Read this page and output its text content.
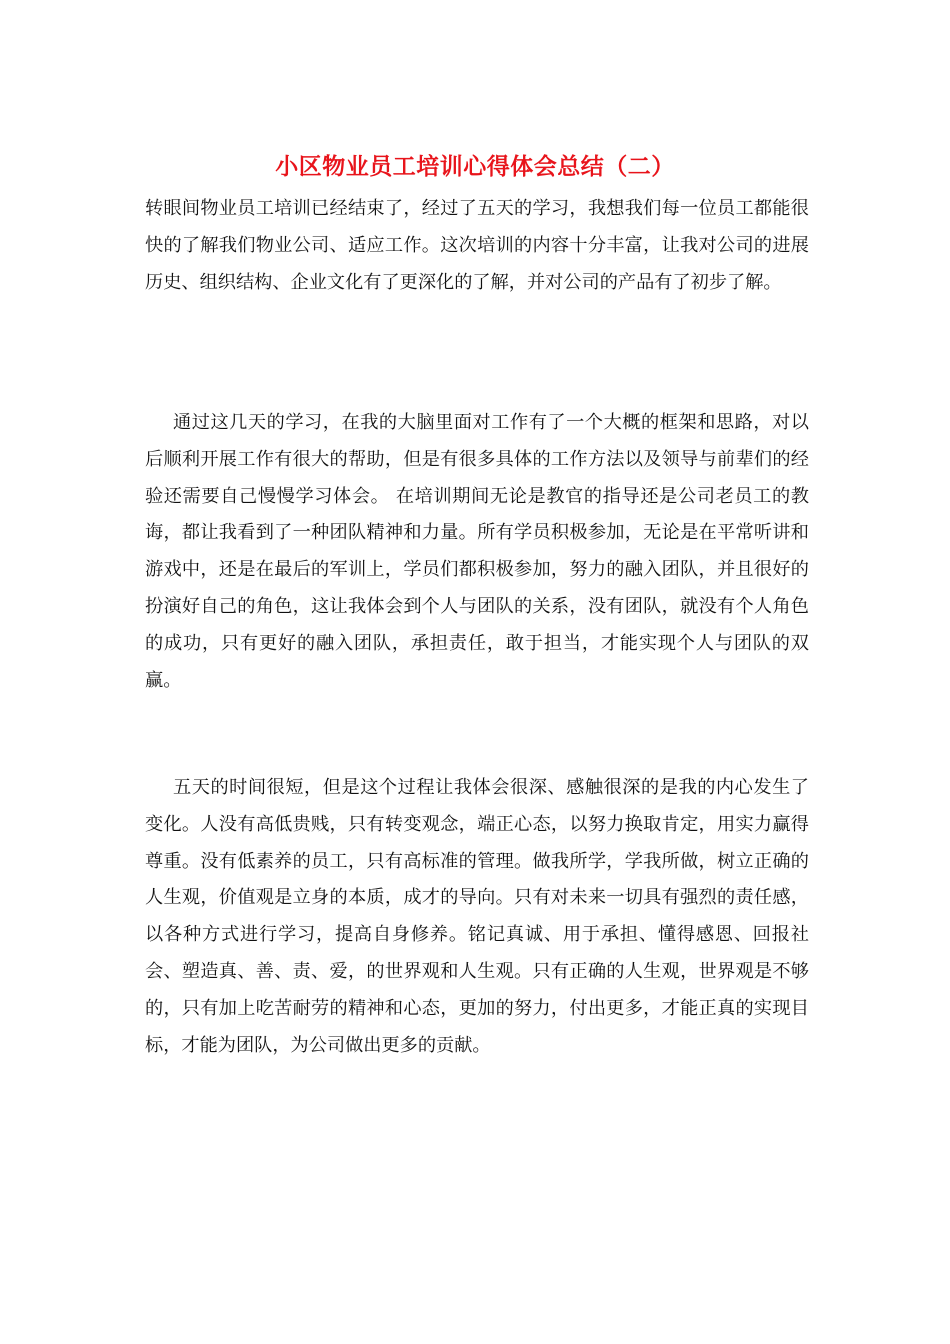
小区物业员工培训心得体会总结（二）

转眼间物业员工培训已经结束了，经过了五天的学习，我想我们每一位员工都能很快的了解我们物业公司、适应工作。这次培训的内容十分丰富，让我对公司的进展历史、组织结构、企业文化有了更深化的了解，并对公司的产品有了初步了解。

通过这几天的学习，在我的大脑里面对工作有了一个大概的框架和思路，对以后顺利开展工作有很大的帮助，但是有很多具体的工作方法以及领导与前辈们的经验还需要自己慢慢学习体会。 在培训期间无论是教官的指导还是公司老员工的教诲，都让我看到了一种团队精神和力量。所有学员积极参加，无论是在平常听讲和游戏中，还是在最后的军训上，学员们都积极参加，努力的融入团队，并且很好的扮演好自己的角色，这让我体会到个人与团队的关系，没有团队，就没有个人角色的成功，只有更好的融入团队，承担责任，敢于担当，才能实现个人与团队的双赢。

五天的时间很短，但是这个过程让我体会很深、感触很深的是我的内心发生了变化。人没有高低贵贱，只有转变观念，端正心态，以努力换取肯定，用实力赢得尊重。没有低素养的员工，只有高标准的管理。做我所学，学我所做，树立正确的人生观，价值观是立身的本质，成才的导向。只有对未来一切具有强烈的责任感，以各种方式进行学习，提高自身修养。铭记真诚、用于承担、懂得感恩、回报社会、塑造真、善、责、爱，的世界观和人生观。只有正确的人生观，世界观是不够的，只有加上吃苦耐劳的精神和心态，更加的努力，付出更多，才能正真的实现目标，才能为团队，为公司做出更多的贡献。
